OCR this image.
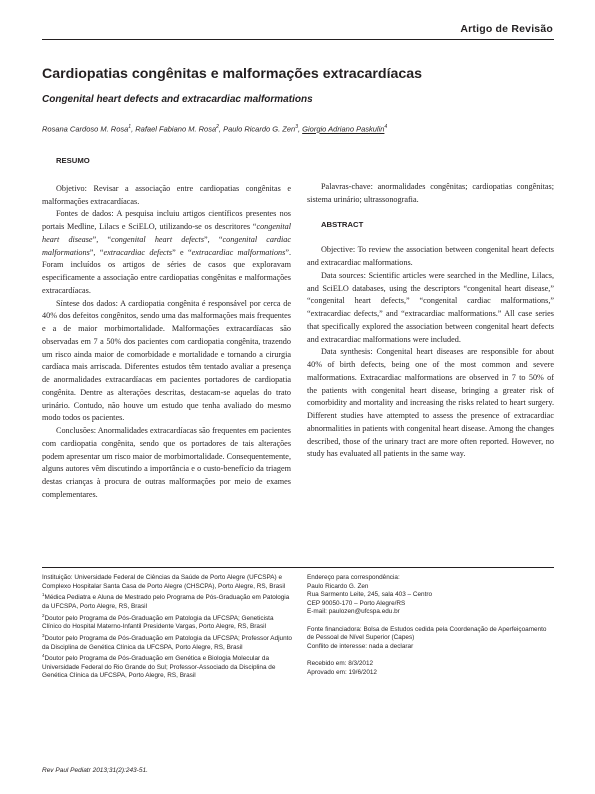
Artigo de Revisão
Cardiopatias congênitas e malformações extracardíacas
Congenital heart defects and extracardiac malformations
Rosana Cardoso M. Rosa$^1$, Rafael Fabiano M. Rosa$^2$, Paulo Ricardo G. Zen$^3$, Giorgio Adriano Paskulin$^4$

RESUMO

Objetivo: Revisar a associação entre cardiopatias congênitas e malformações extracardíacas.

Fontes de dados: A pesquisa incluiu artigos científicos presentes nos portais Medline, Lilacs e SciELO, utilizando-se os descritores “congenital heart disease”, “congenital heart defects”, “congenital cardiac malformations”, “extracardiac defects” e “extracardiac malformations”. Foram incluídos os artigos de séries de casos que exploravam especificamente a associação entre cardiopatias congênitas e malformações extracardíacas.

Síntese dos dados: A cardiopatia congênita é responsável por cerca de 40% dos defeitos congênitos, sendo uma das malformações mais frequentes e a de maior morbimortalidade. Malformações extracardíacas são observadas em 7 a 50% dos pacientes com cardiopatia congênita, trazendo um risco ainda maior de comorbidade e mortalidade e tornando a cirurgia cardíaca mais arriscada. Diferentes estudos têm tentado avaliar a presença de anormalidades extracardíacas em pacientes portadores de cardiopatia congênita. Dentre as alterações descritas, destacam-se aquelas do trato urinário. Contudo, não houve um estudo que tenha avaliado do mesmo modo todos os pacientes.

Conclusões: Anormalidades extracardíacas são frequentes em pacientes com cardiopatia congênita, sendo que os portadores de tais alterações podem apresentar um risco maior de morbimortalidade. Consequentemente, alguns autores vêm discutindo a importância e o custo-benefício da triagem destas crianças à procura de outras malformações por meio de exames complementares.

Palavras-chave: anormalidades congênitas; cardiopatias congênitas; sistema urinário; ultrassonografia.

ABSTRACT

Objective: To review the association between congenital heart defects and extracardiac malformations.

Data sources: Scientific articles were searched in the Medline, Lilacs, and SciELO databases, using the descriptors “congenital heart disease,” “congenital heart defects,” “congenital cardiac malformations,” “extracardiac defects,” and “extracardiac malformations.” All case series that specifically explored the association between congenital heart defects and extracardiac malformations were included.

Data synthesis: Congenital heart diseases are responsible for about 40% of birth defects, being one of the most common and severe malformations. Extracardiac malformations are observed in 7 to 50% of the patients with congenital heart disease, bringing a greater risk of comorbidity and mortality and increasing the risks related to heart surgery. Different studies have attempted to assess the presence of extracardiac abnormalities in patients with congenital heart disease. Among the changes described, those of the urinary tract are more often reported. However, no study has evaluated all patients in the same way.

Instituição: Universidade Federal de Ciências da Saúde de Porto Alegre (UFCSPA) e Complexo Hospitalar Santa Casa de Porto Alegre (CHSCPA), Porto Alegre, RS, Brasil
$^1$Médica Pediatra e Aluna de Mestrado pelo Programa de Pós-Graduação em Patologia da UFCSPA, Porto Alegre, RS, Brasil
$^2$Doutor pelo Programa de Pós-Graduação em Patologia da UFCSPA; Geneticista Clínico do Hospital Materno-Infantil Presidente Vargas, Porto Alegre, RS, Brasil
$^3$Doutor pelo Programa de Pós-Graduação em Patologia da UFCSPA; Professor Adjunto da Disciplina de Genética Clínica da UFCSPA, Porto Alegre, RS, Brasil
$^4$Doutor pelo Programa de Pós-Graduação em Genética e Biologia Molecular da Universidade Federal do Rio Grande do Sul; Professor-Associado da Disciplina de Genética Clínica da UFCSPA, Porto Alegre, RS, Brasil
Endereço para correspondência:
Paulo Ricardo G. Zen
Rua Sarmento Leite, 245, sala 403 – Centro
CEP 90050-170 – Porto Alegre/RS
E-mail: paulozen@ufcspa.edu.br
Fonte financiadora: Bolsa de Estudos cedida pela Coordenação de Aperfeiçoamento de Pessoal de Nível Superior (Capes)
Conflito de interesse: nada a declarar
Recebido em: 8/3/2012
Aprovado em: 19/6/2012
Rev Paul Pediatr 2013;31(2):243-51.
